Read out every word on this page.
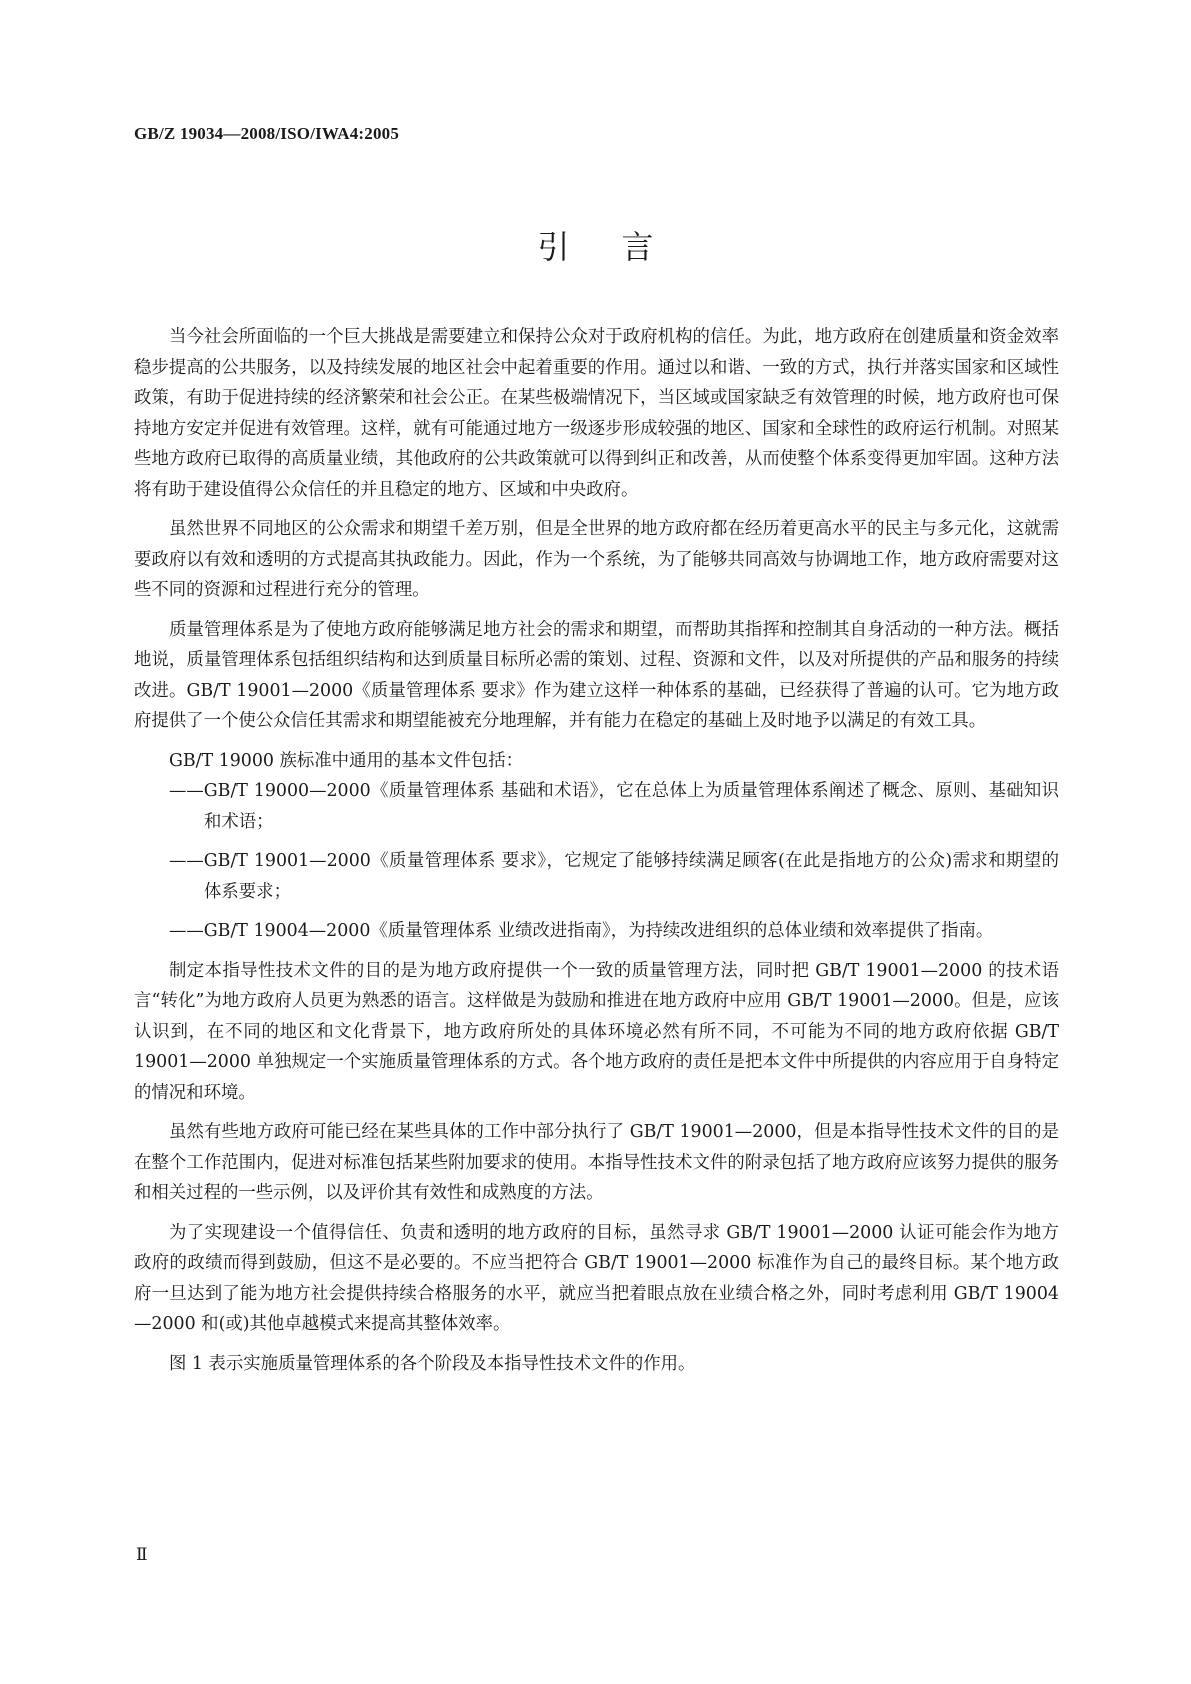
GB/Z 19034—2008/ISO/IWA4:2005
引言

当今社会所面临的一个巨大挑战是需要建立和保持公众对于政府机构的信任。为此，地方政府在创建质量和资金效率稳步提高的公共服务，以及持续发展的地区社会中起着重要的作用。通过以和谐、一致的方式，执行并落实国家和区域性政策，有助于促进持续的经济繁荣和社会公正。在某些极端情况下，当区域或国家缺乏有效管理的时候，地方政府也可保持地方安定并促进有效管理。这样，就有可能通过地方一级逐步形成较强的地区、国家和全球性的政府运行机制。对照某些地方政府已取得的高质量业绩，其他政府的公共政策就可以得到纠正和改善，从而使整个体系变得更加牢固。这种方法将有助于建设值得公众信任的并且稳定的地方、区域和中央政府。

虽然世界不同地区的公众需求和期望千差万别，但是全世界的地方政府都在经历着更高水平的民主与多元化，这就需要政府以有效和透明的方式提高其执政能力。因此，作为一个系统，为了能够共同高效与协调地工作，地方政府需要对这些不同的资源和过程进行充分的管理。

质量管理体系是为了使地方政府能够满足地方社会的需求和期望，而帮助其指挥和控制其自身活动的一种方法。概括地说，质量管理体系包括组织结构和达到质量目标所必需的策划、过程、资源和文件，以及对所提供的产品和服务的持续改进。GB/T 19001—2000《质量管理体系 要求》作为建立这样一种体系的基础，已经获得了普遍的认可。它为地方政府提供了一个使公众信任其需求和期望能被充分地理解，并有能力在稳定的基础上及时地予以满足的有效工具。

GB/T 19000 族标准中通用的基本文件包括：

——GB/T 19000—2000《质量管理体系 基础和术语》，它在总体上为质量管理体系阐述了概念、原则、基础知识和术语；
——GB/T 19001—2000《质量管理体系 要求》，它规定了能够持续满足顾客(在此是指地方的公众)需求和期望的体系要求；
——GB/T 19004—2000《质量管理体系 业绩改进指南》，为持续改进组织的总体业绩和效率提供了指南。

制定本指导性技术文件的目的是为地方政府提供一个一致的质量管理方法，同时把 GB/T 19001—2000 的技术语言“转化”为地方政府人员更为熟悉的语言。这样做是为鼓励和推进在地方政府中应用 GB/T 19001—2000。但是，应该认识到，在不同的地区和文化背景下，地方政府所处的具体环境必然有所不同，不可能为不同的地方政府依据 GB/T 19001—2000 单独规定一个实施质量管理体系的方式。各个地方政府的责任是把本文件中所提供的内容应用于自身特定的情况和环境。

虽然有些地方政府可能已经在某些具体的工作中部分执行了 GB/T 19001—2000，但是本指导性技术文件的目的是在整个工作范围内，促进对标准包括某些附加要求的使用。本指导性技术文件的附录包括了地方政府应该努力提供的服务和相关过程的一些示例，以及评价其有效性和成熟度的方法。

为了实现建设一个值得信任、负责和透明的地方政府的目标，虽然寻求 GB/T 19001—2000 认证可能会作为地方政府的政绩而得到鼓励，但这不是必要的。不应当把符合 GB/T 19001—2000 标准作为自己的最终目标。某个地方政府一旦达到了能为地方社会提供持续合格服务的水平，就应当把着眼点放在业绩合格之外，同时考虑利用 GB/T 19004—2000 和(或)其他卓越模式来提高其整体效率。

图 1 表示实施质量管理体系的各个阶段及本指导性技术文件的作用。

Ⅱ
